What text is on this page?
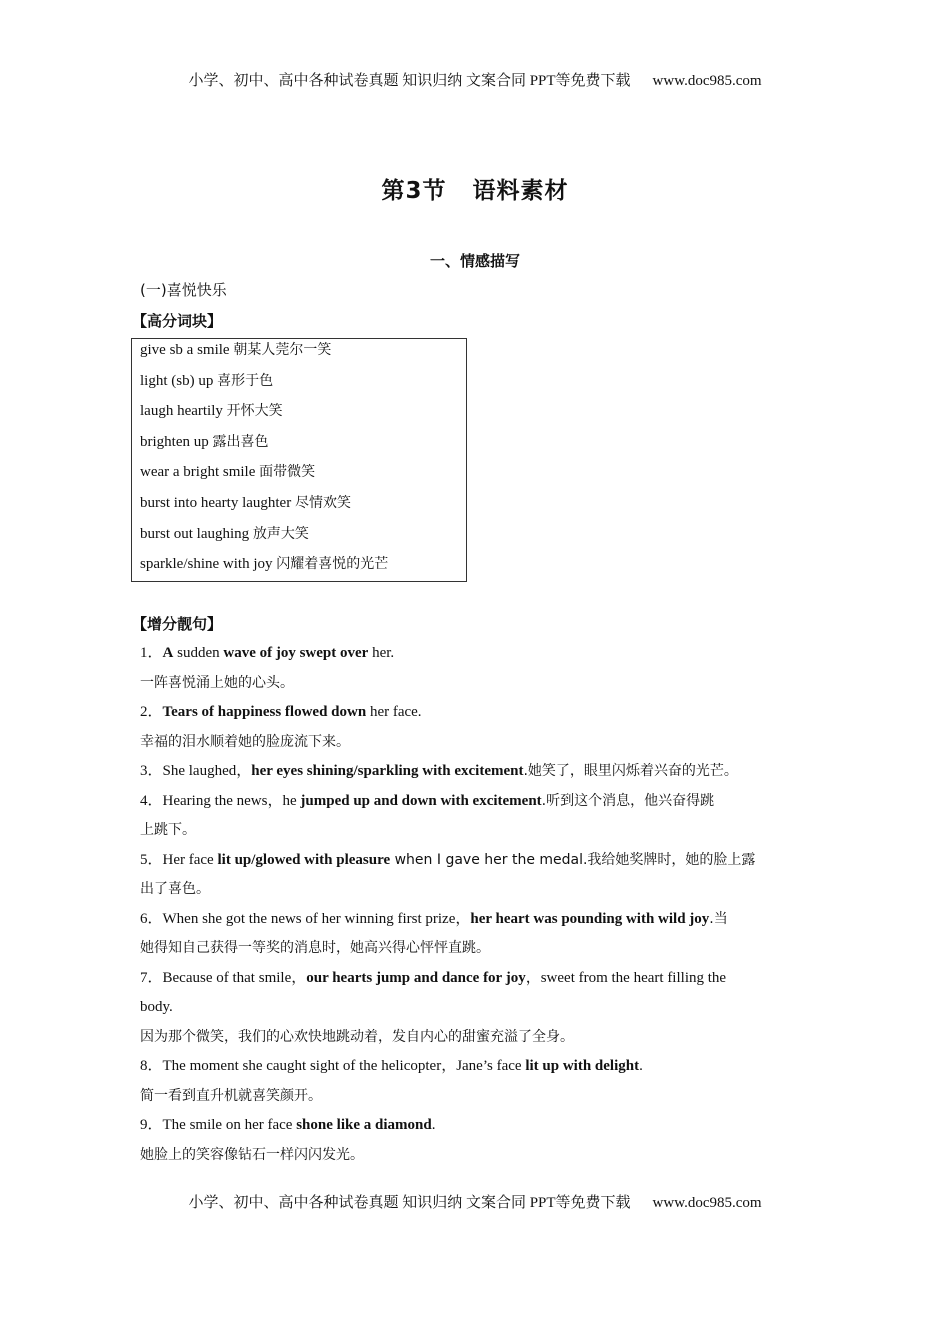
小学、初中、高中各种试卷真题 知识归纳 文案合同 PPT等免费下载 www.doc985.com
第3节 语料素材
一、情感描写
(一)喜悦快乐
【高分词块】
give sb a smile 朝某人莞尔一笑
light (sb) up 喜形于色
laugh heartily 开怀大笑
brighten up 露出喜色
wear a bright smile 面带微笑
burst into hearty laughter 尽情欢笑
burst out laughing 放声大笑
sparkle/shine with joy 闪耀着喜悦的光芒
【增分靓句】
1．A sudden wave of joy swept over her.
一阵喜悦涌上她的心头。
2．Tears of happiness flowed down her face.
幸福的泪水顺着她的脸庞流下来。
3．She laughed，her eyes shining/sparkling with excitement.她笑了，眼里闪烁着兴奋的光芒。
4．Hearing the news，he jumped up and down with excitement.听到这个消息，他兴奋得跳
上跳下。
5．Her face lit up/glowed with pleasure when I gave her the medal.我给她奖牌时，她的脸上露
出了喜色。
6．When she got the news of her winning first prize，her heart was pounding with wild joy.当
她得知自己获得一等奖的消息时，她高兴得心怦怦直跳。
7．Because of that smile，our hearts jump and dance for joy，sweet from the heart filling the
body.
因为那个微笑，我们的心欢快地跳动着，发自内心的甜蜜充溢了全身。
8．The moment she caught sight of the helicopter，Jane’s face lit up with delight.
简一看到直升机就喜笑颜开。
9．The smile on her face shone like a diamond.
她脸上的笑容像钻石一样闪闪发光。
小学、初中、高中各种试卷真题 知识归纳 文案合同 PPT等免费下载 www.doc985.com
